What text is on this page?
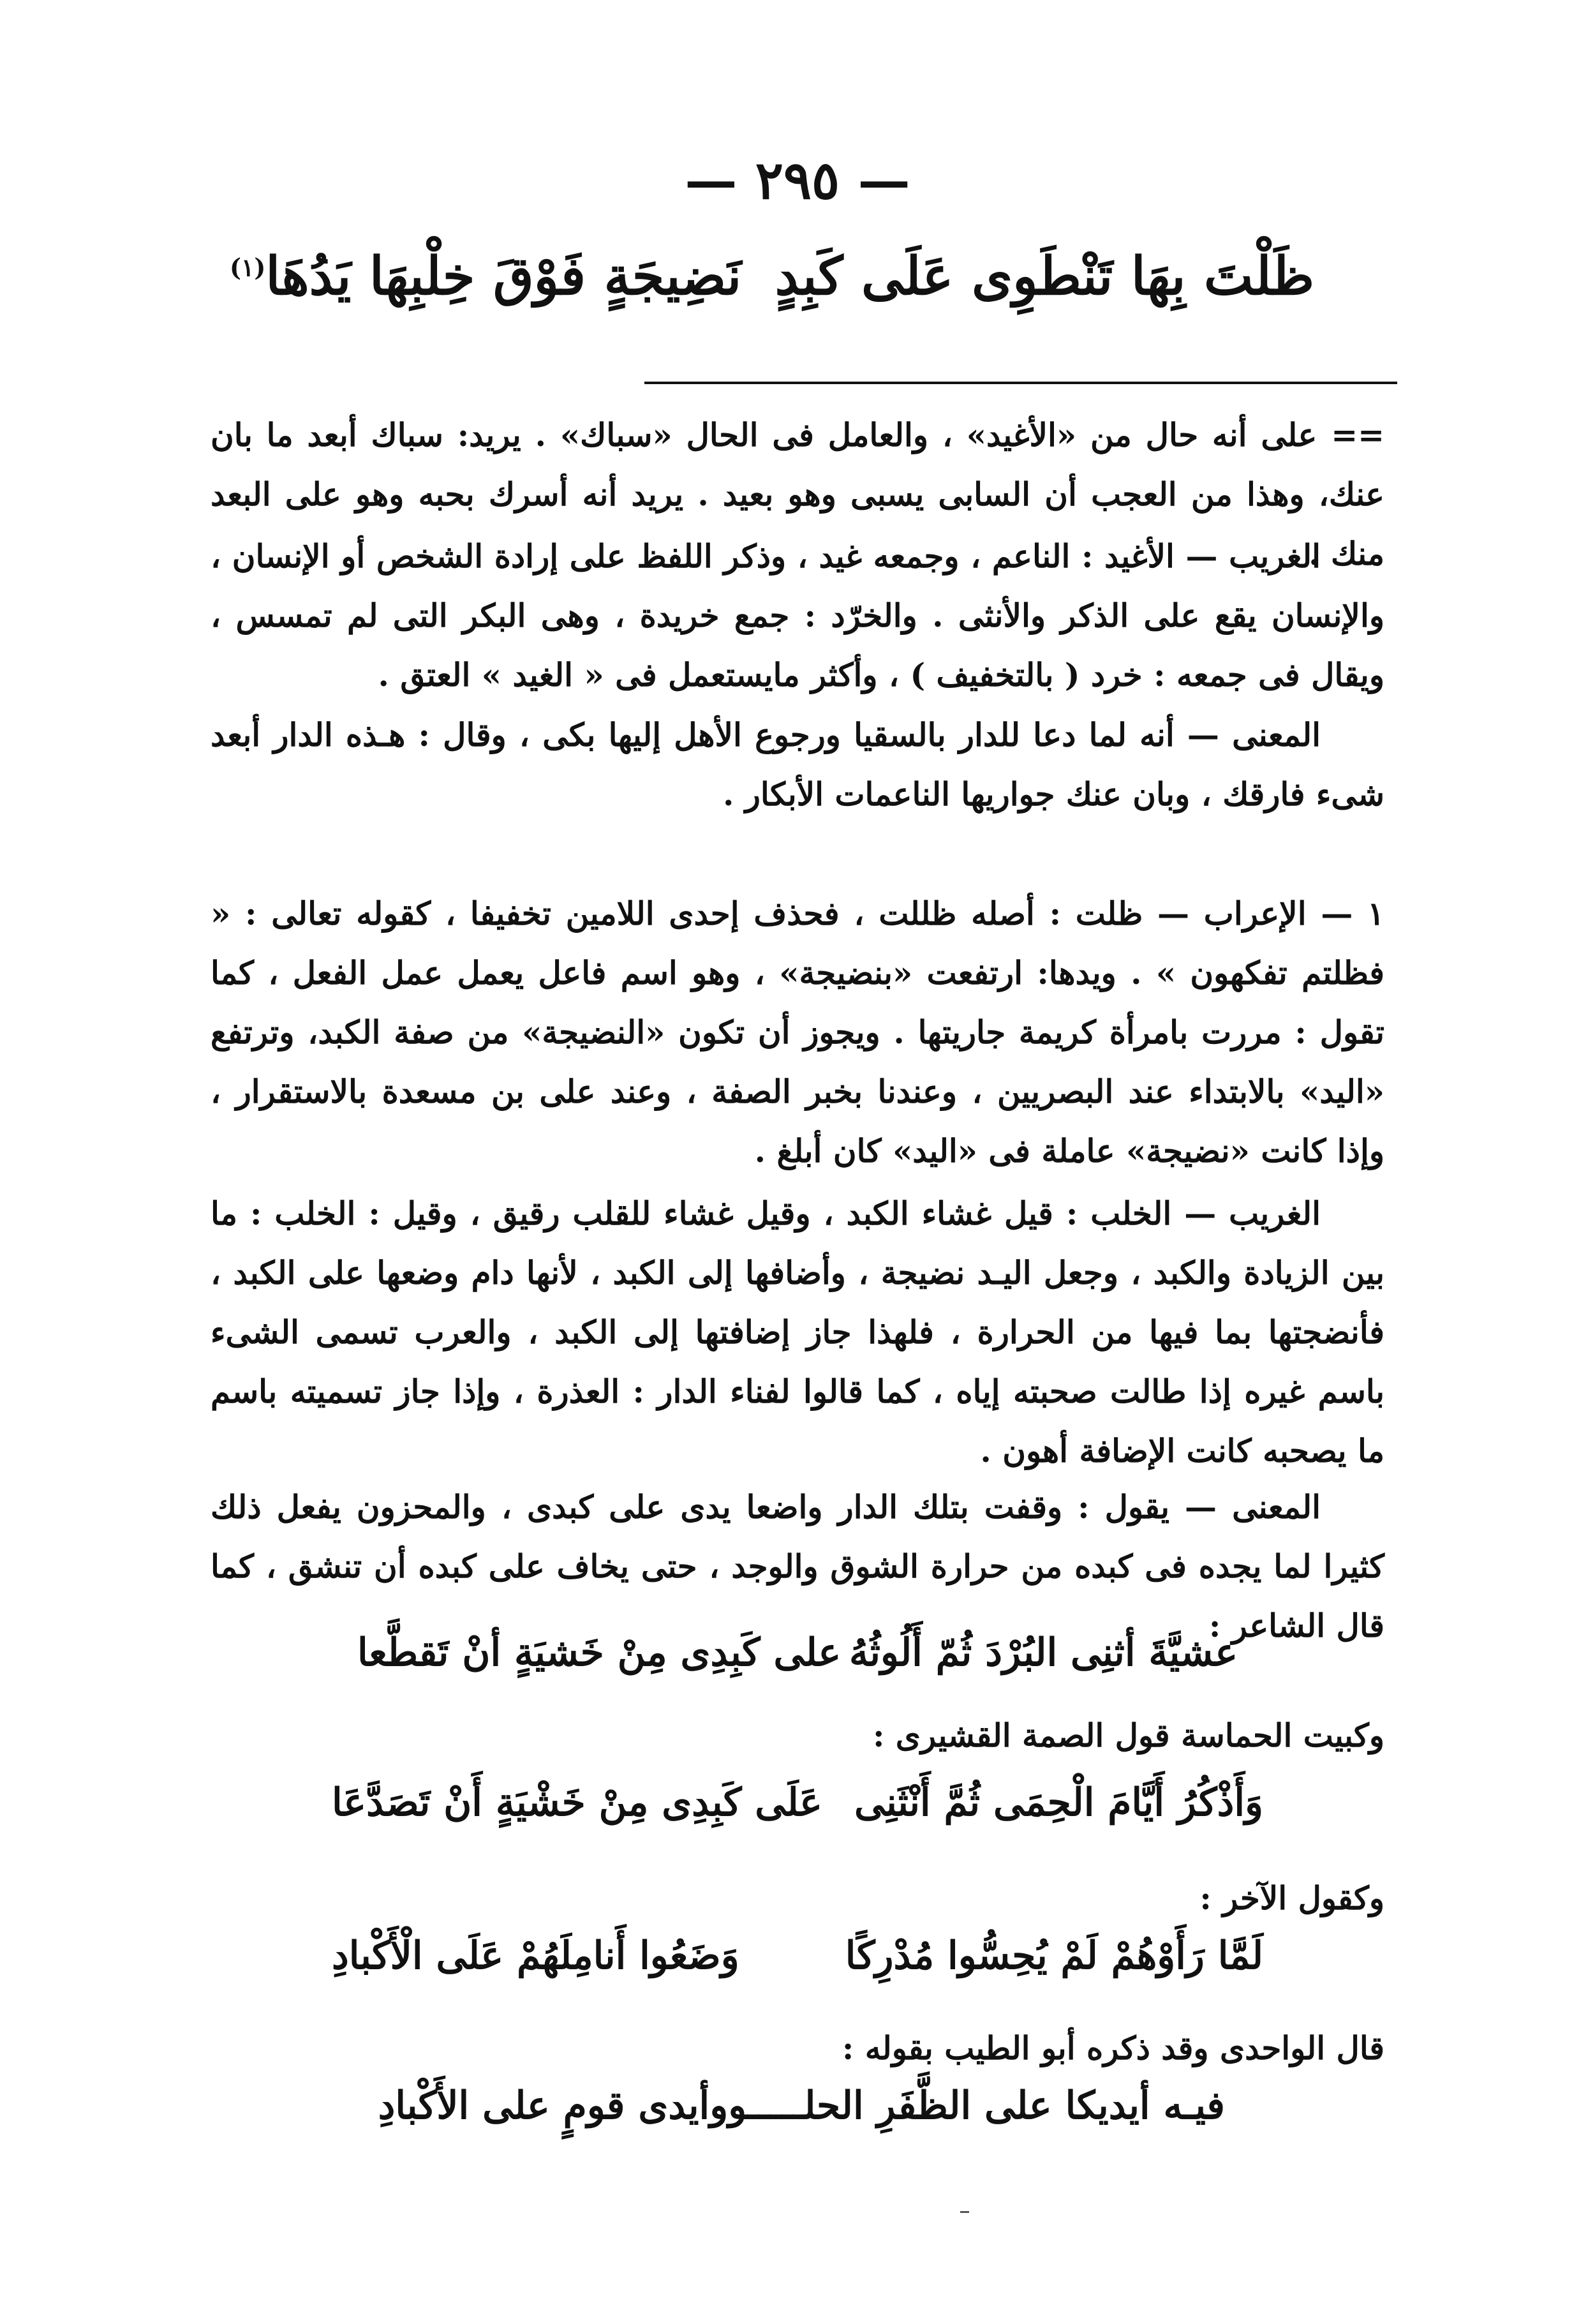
— ٢٩٥ —
ظَلْتَ بِهَا تَنْطَوِى عَلَى كَبِدٍ
نَضِيجَةٍ فَوْقَ خِلْبِهَا يَدُهَا$^{(١)}$
== على أنه حال من «الأغيد» ، والعامل فى الحال «سباك» . يريد: سباك أبعد ما بان عنك، وهذا من العجب أن السابى يسبى وهو بعيد . يريد أنه أسرك بحبه وهو على البعد منك .
الغريب — الأغيد : الناعم ، وجمعه غيد ، وذكر اللفظ على إرادة الشخص أو الإنسان ، والإنسان يقع على الذكر والأنثى . والخرّد : جمع خريدة ، وهى البكر التى لم تمسس ، ويقال فى جمعه : خرد ( بالتخفيف ) ، وأكثر مايستعمل فى « الغيد » العتق .
المعنى — أنه لما دعا للدار بالسقيا ورجوع الأهل إليها بكى ، وقال : هـذه الدار أبعد شىء فارقك ، وبان عنك جواريها الناعمات الأبكار .
١ — الإعراب — ظلت : أصله ظللت ، فحذف إحدى اللامين تخفيفا ، كقوله تعالى : « فظلتم تفكهون » . ويدها: ارتفعت «بنضيجة» ، وهو اسم فاعل يعمل عمل الفعل ، كما تقول : مررت بامرأة كريمة جاريتها . ويجوز أن تكون «النضيجة» من صفة الكبد، وترتفع «اليد» بالابتداء عند البصريين ، وعندنا بخبر الصفة ، وعند على بن مسعدة بالاستقرار ، وإذا كانت «نضيجة» عاملة فى «اليد» كان أبلغ .
الغريب — الخلب : قيل غشاء الكبد ، وقيل غشاء للقلب رقيق ، وقيل : الخلب : ما بين الزيادة والكبد ، وجعل اليـد نضيجة ، وأضافها إلى الكبد ، لأنها دام وضعها على الكبد ، فأنضجتها بما فيها من الحرارة ، فلهذا جاز إضافتها إلى الكبد ، والعرب تسمى الشىء باسم غيره إذا طالت صحبته إياه ، كما قالوا لفناء الدار : العذرة ، وإذا جاز تسميته باسم ما يصحبه كانت الإضافة أهون .
المعنى — يقول : وقفت بتلك الدار واضعا يدى على كبدى ، والمحزون يفعل ذلك كثيرا لما يجده فى كبده من حرارة الشوق والوجد ، حتى يخاف على كبده أن تنشق ، كما قال الشاعر :
عشيَّةَ أثنِى البُرْدَ ثُمّ أَلُوثُهُ
على كَبِدِى مِنْ خَشيَةٍ أنْ تَقطَّعا
وكبيت الحماسة قول الصمة القشيرى :
وَأَذْكُرُ أَيَّامَ الْحِمَى ثُمَّ أَنْثَنِى
عَلَى كَبِدِى مِنْ خَشْيَةٍ أَنْ تَصَدَّعَا
وكقول الآخر :
لَمَّا رَأَوْهُمْ لَمْ يُحِسُّوا مُدْرِكًا
وَضَعُوا أَنامِلَهُمْ عَلَى الْأَكْبادِ
قال الواحدى وقد ذكره أبو الطيب بقوله :
فيـه أيديكا على الظَّفَرِ الحلـــــو
وأيدى قومٍ على الأَكْبادِ
